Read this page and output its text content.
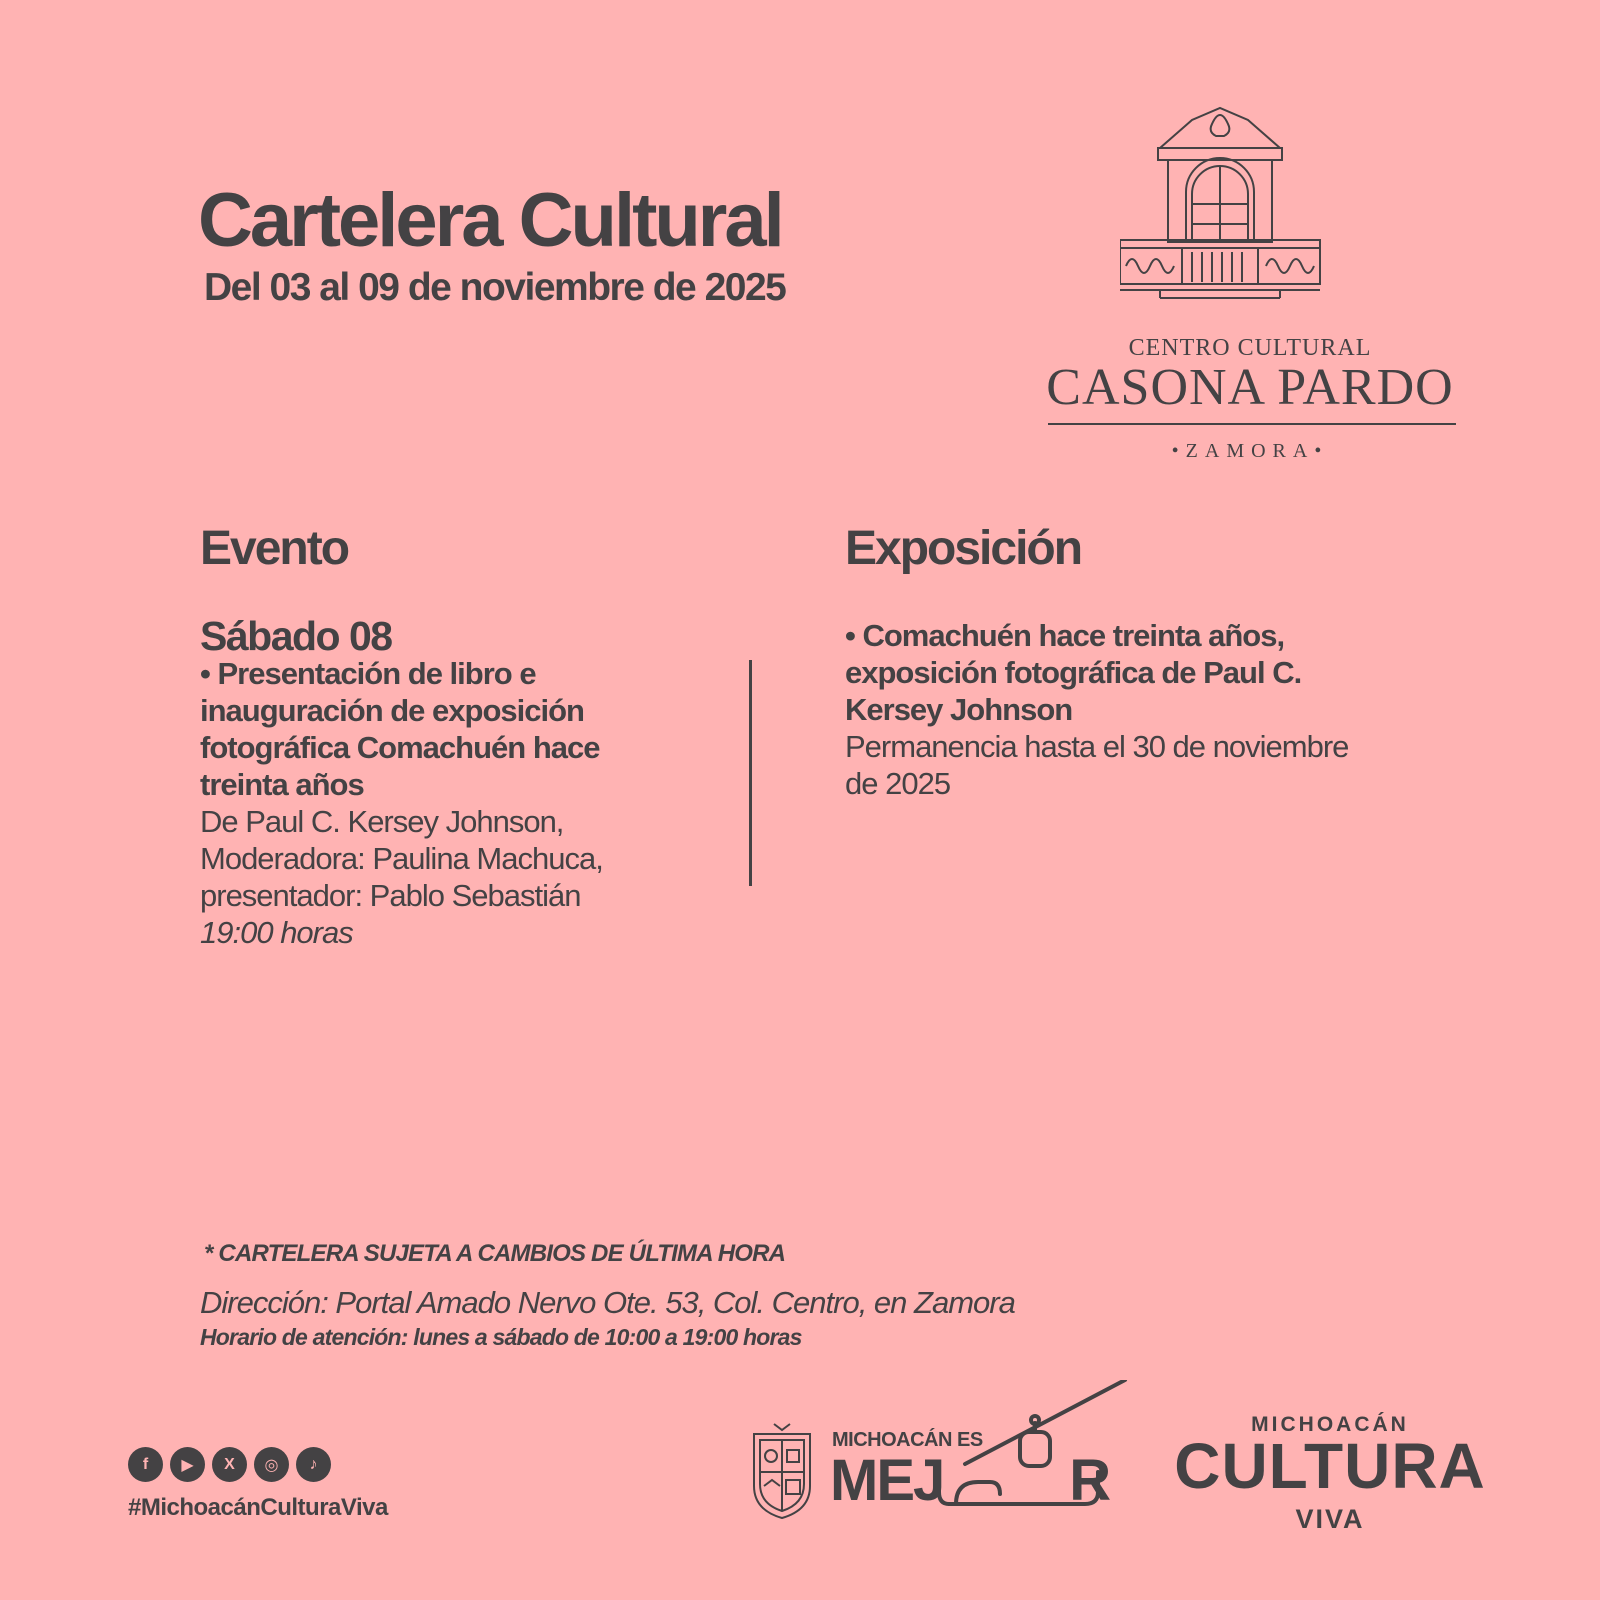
Cartelera Cultural
Del 03 al 09 de noviembre de 2025
CENTRO CULTURAL
CASONA PARDO
•ZAMORA•
Evento	Exposición
Sábado 08
• Presentación de libro e
inauguración de exposición
fotográfica Comachuén hace
treinta años
De Paul C. Kersey Johnson,
Moderadora: Paulina Machuca,
presentador: Pablo Sebastián
19:00 horas
• Comachuén hace treinta años,
exposición fotográfica de Paul C.
Kersey Johnson
Permanencia hasta el 30 de noviembre
de 2025
* CARTELERA SUJETA A CAMBIOS DE ÚLTIMA HORA
Dirección: Portal Amado Nervo Ote. 53, Col. Centro, en Zamora
Horario de atención: lunes a sábado de 10:00 a 19:00 horas
f	▶	X	◎	♪
#MichoacánCulturaViva
MICHOACÁN ES
MEJ R
MICHOACÁN
CULTURA
VIVA
